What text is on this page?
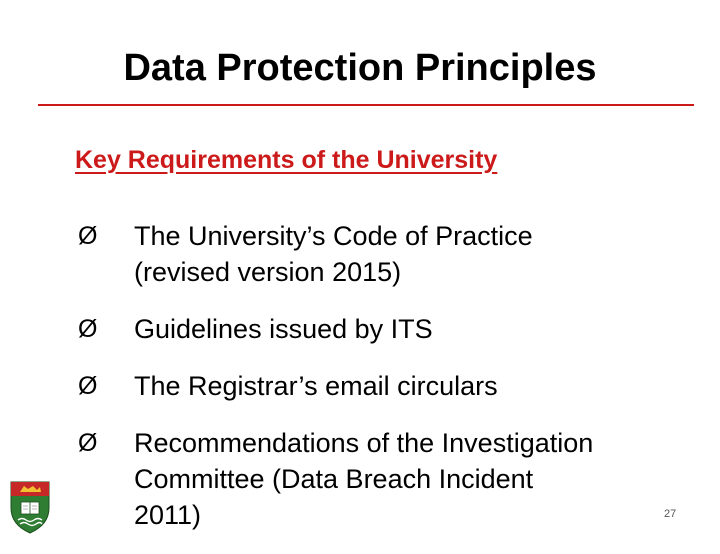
Data Protection Principles
Key Requirements of the University
Ø	The University’s Code of Practice
(revised version 2015)
Ø	Guidelines issued by ITS
Ø	The Registrar’s email circulars
Ø	Recommendations of the Investigation
Committee (Data Breach Incident
2011)	27
